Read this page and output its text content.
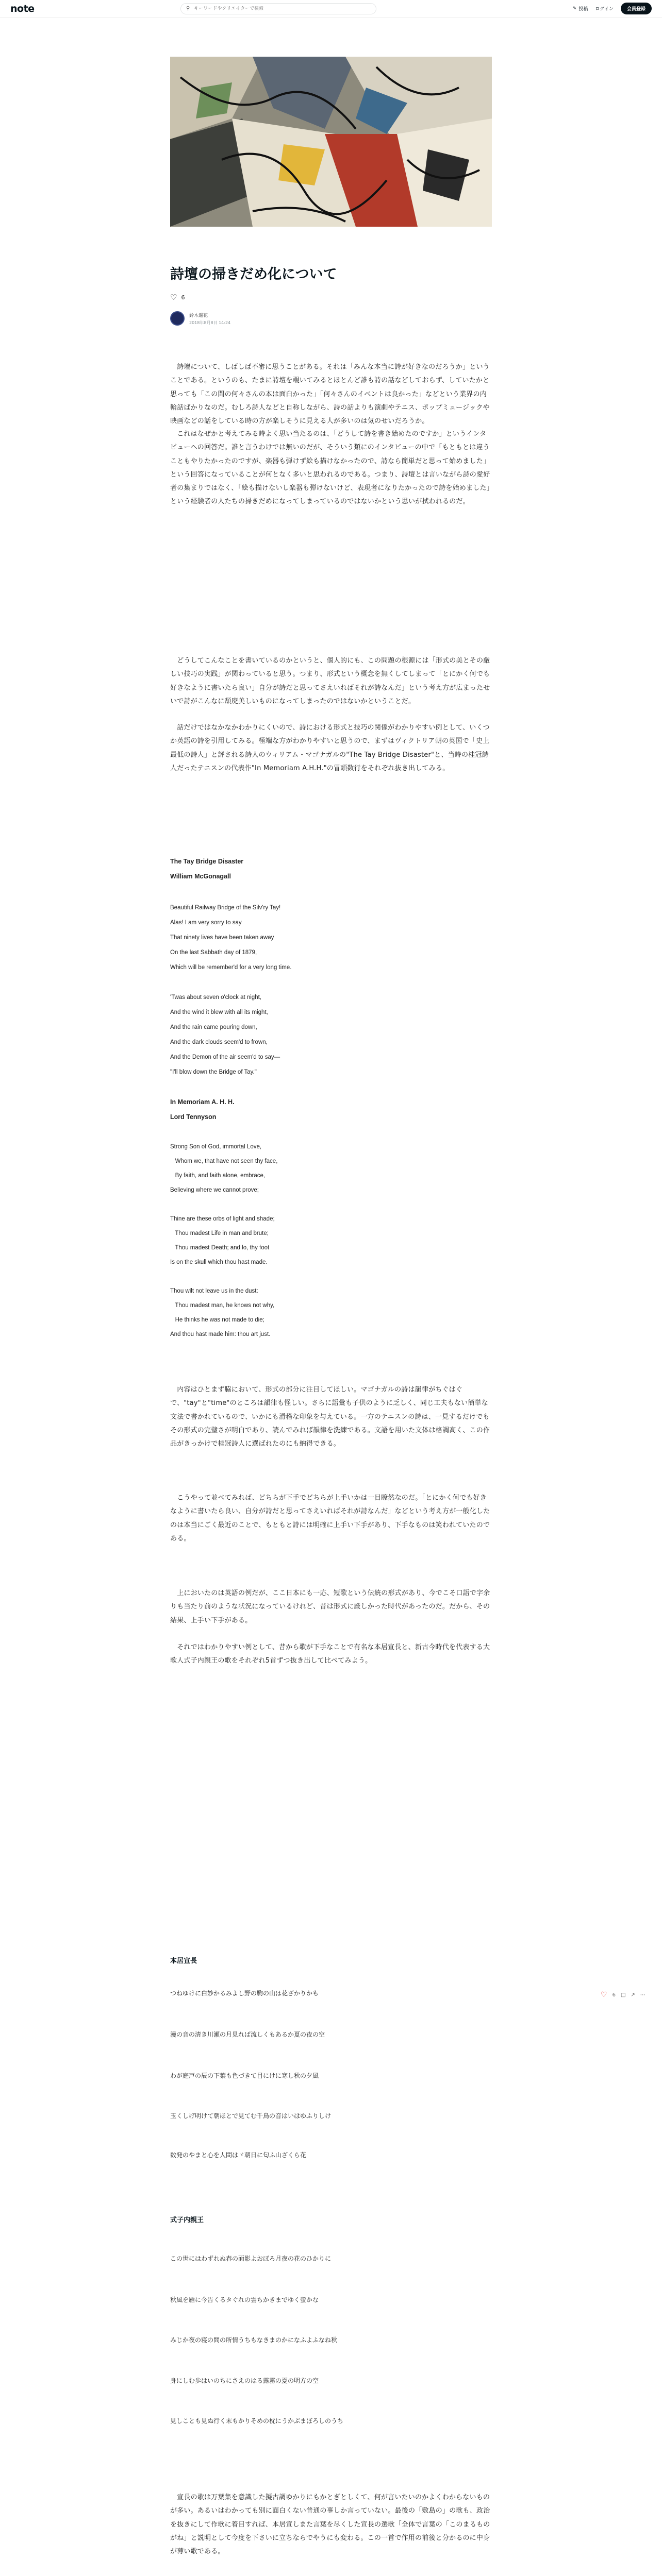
note	⚲
キーワードやクリエイターで検索	✎ 投稿 ログイン	会員登録
詩壇の掃きだめ化について
♡ 6
鈴木遥花
2018年8月8日 14:24
　詩壇について、しばしば不審に思うことがある。それは「みんな本当に詩が好きなのだろうか」ということである。というのも、たまに詩壇を覗いてみるとほとんど誰も詩の話などしておらず、していたかと思っても「この間の何々さんの本は面白かった」「何々さんのイベントは良かった」などという業界の内輪話ばかりなのだ。むしろ詩人などと自称しながら、詩の話よりも演劇やテニス、ポップミュージックや映画などの話をしている時の方が楽しそうに見える人が多いのは気のせいだろうか。
　これはなぜかと考えてみる時よく思い当たるのは、「どうして詩を書き始めたのですか」というインタビューへの回答だ。誰と言うわけでは無いのだが、そういう類にのインタビューの中で「もともとは違うこともやりたかったのですが、楽器も弾けず絵も描けなかったので、詩なら簡単だと思って始めました」という回答になっていることが何となく多いと思われるのである。つまり、詩壇とは言いながら詩の愛好者の集まりではなく、「絵も描けないし楽器も弾けないけど、表現者になりたかったので詩を始めました」という経験者の人たちの掃きだめになってしまっているのではないかという思いが拭われるのだ。
　どうしてこんなことを書いているのかというと、個人的にも、この問題の根源には「形式の美とその厳しい技巧の実践」が関わっていると思う。つまり、形式という概念を無くしてしまって「とにかく何でも好きなように書いたら良い」自分が詩だと思ってさえいればそれが詩なんだ」という考え方が広まったせいで詩がこんなに頽廃美しいものになってしまったのではないかということだ。
　話だけではなかなかわかりにくいので、詩における形式と技巧の関係がわかりやすい例として、いくつか英語の詩を引用してみる。極端な方がわかりやすいと思うので、まずはヴィクトリア朝の英国で「史上最低の詩人」と評される詩人のウィリアム・マゴナガルの"The Tay Bridge Disaster"と、当時の桂冠詩人だったテニスンの代表作"In Memoriam A.H.H."の冒頭数行をそれぞれ抜き出してみる。
The Tay Bridge Disaster
William McGonagall
Beautiful Railway Bridge of the Silv'ry Tay!
Alas! I am very sorry to say
That ninety lives have been taken away
On the last Sabbath day of 1879,
Which will be remember'd for a very long time.
'Twas about seven o'clock at night,
And the wind it blew with all its might,
And the rain came pouring down,
And the dark clouds seem'd to frown,
And the Demon of the air seem'd to say—
"I'll blow down the Bridge of Tay."
In Memoriam A. H. H.
Lord Tennyson
Strong Son of God, immortal Love,
Whom we, that have not seen thy face,
By faith, and faith alone, embrace,
Believing where we cannot prove;
Thine are these orbs of light and shade;
Thou madest Life in man and brute;
Thou madest Death; and lo, thy foot
Is on the skull which thou hast made.
Thou wilt not leave us in the dust:
Thou madest man, he knows not why,
He thinks he was not made to die;
And thou hast made him: thou art just.
　内容はひとまず脇において、形式の部分に注目してほしい。マゴナガルの詩は韻律がちぐはぐで、"tay"と"time"のところは韻律も怪しい。さらに語彙も子供のように乏しく、同じ工夫もない簡単な文法で書かれているので、いかにも滑稽な印象を与えている。一方のテニスンの詩は、一見するだけでもその形式の完璧さが明白であり、読んでみれば韻律を洗練である。文語を用いた文体は格調高く、この作品がきっかけで桂冠詩人に選ばれたのにも納得できる。
　こうやって並べてみれば、どちらが下手でどちらが上手いかは一目瞭然なのだ。「とにかく何でも好きなように書いたら良い、自分が詩だと思ってさえいればそれが詩なんだ」などという考え方が一般化したのは本当にごく最近のことで、もともと詩には明確に上手い下手があり、下手なものは笑われていたのである。
　上においたのは英語の例だが、ここ日本にも一応、短歌という伝統の形式があり、今でこそ口語で字余りも当たり前のような状況になっているけれど、昔は形式に厳しかった時代があったのだ。だから、その結果、上手い下手がある。
　それではわかりやすい例として、昔から歌が下手なことで有名な本居宣長と、新古今時代を代表する大歌人式子内親王の歌をそれぞれ5首ずつ抜き出して比べてみよう。
本居宣長
つねゆけに白妙かるみよし野の駒の山は花ざかりかも
漫の音の清き川瀬の月見れば流しくもあるか夏の夜の空
わが庭戸の辰の下葉も色づきて目にけに寒し秋の夕風
玉くしげ明けて朝ほとで見てむ千鳥の音はいはゆふりしけ
数発のやまと心を人問はゞ朝日に匂ふ山ざくら花
式子内親王
この世にはわずれぬ春の面影よおぼろ月夜の花のひかりに
秋風を雁に今告くるタぐれの雲ちかきまでゆく螢かな
みじか夜の寝の間の所情うちもなきまのかになふよふなね秋
身にしむ歩はいのちにさえのはる露霧の夏の明方の空
見しことも見ぬ行く末もかりそめの枕にうかぶまぼろしのうち
　宣長の歌は万葉集を意識した擬古調ゆかりにもかとぎとしくて、何が言いたいのかよくわからないものが多い。あるいはわかっても別に面白くない普通の事しか言っていない。最後の「敷島の」の歌も、政治を抜きにして作歌に着目すれば、本居宣しまた言葉を尽くした宣長の選歌「全体で言葉の「このまるものがね」と説明として今度を下さいに立ちならでやうにも変わる。この一首で作用の前後と分かるのに中身が薄い歌である。
♡ 6 □ ↗ ⋯
